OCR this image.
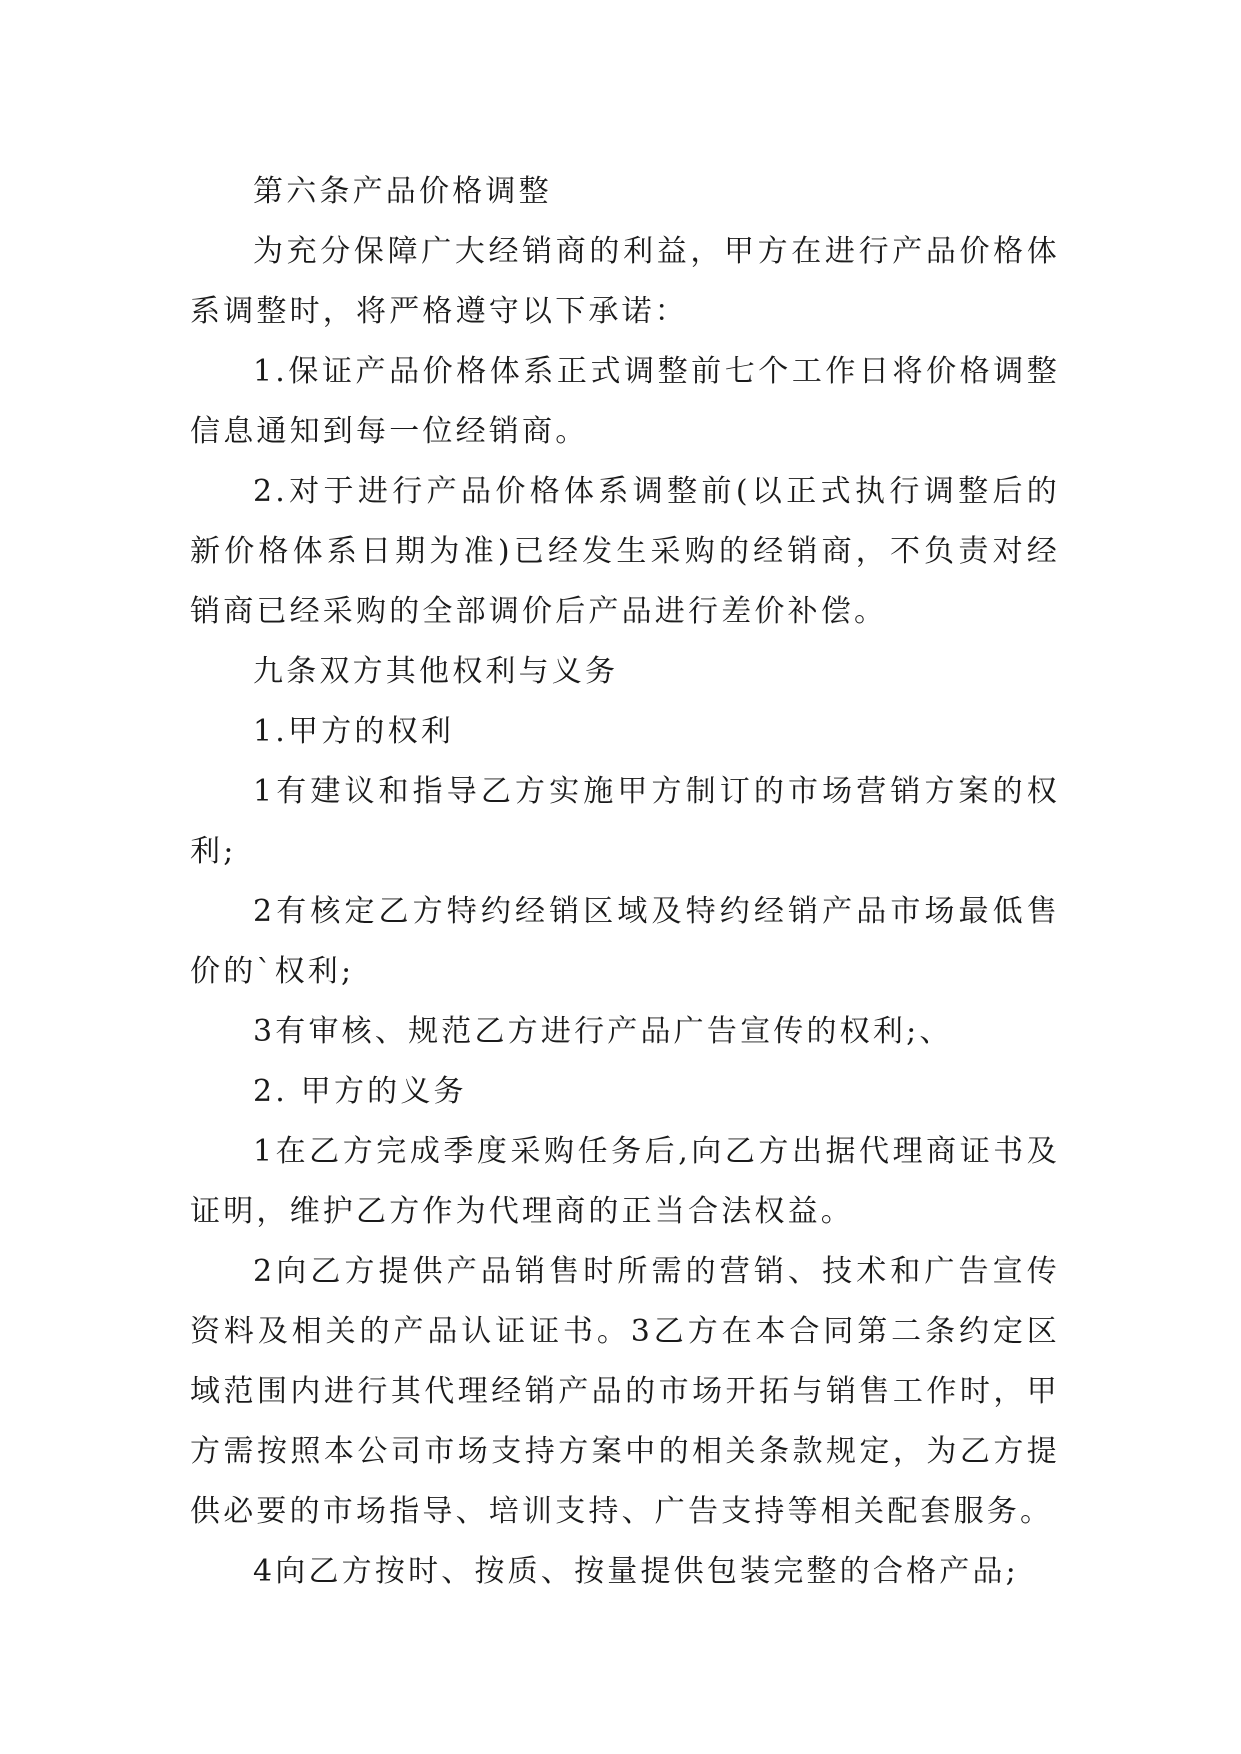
第六条产品价格调整

为充分保障广大经销商的利益，甲方在进行产品价格体系调整时，将严格遵守以下承诺：

1.保证产品价格体系正式调整前七个工作日将价格调整信息通知到每一位经销商。

2.对于进行产品价格体系调整前(以正式执行调整后的新价格体系日期为准)已经发生采购的经销商，不负责对经销商已经采购的全部调价后产品进行差价补偿。

九条双方其他权利与义务

1.甲方的权利

1有建议和指导乙方实施甲方制订的市场营销方案的权利;

2有核定乙方特约经销区域及特约经销产品市场最低售价的`权利;

3有审核、规范乙方进行产品广告宣传的权利;、

2. 甲方的义务

1在乙方完成季度采购任务后,向乙方出据代理商证书及证明，维护乙方作为代理商的正当合法权益。

2向乙方提供产品销售时所需的营销、技术和广告宣传资料及相关的产品认证证书。3乙方在本合同第二条约定区域范围内进行其代理经销产品的市场开拓与销售工作时，甲方需按照本公司市场支持方案中的相关条款规定，为乙方提供必要的市场指导、培训支持、广告支持等相关配套服务。

4向乙方按时、按质、按量提供包装完整的合格产品;
